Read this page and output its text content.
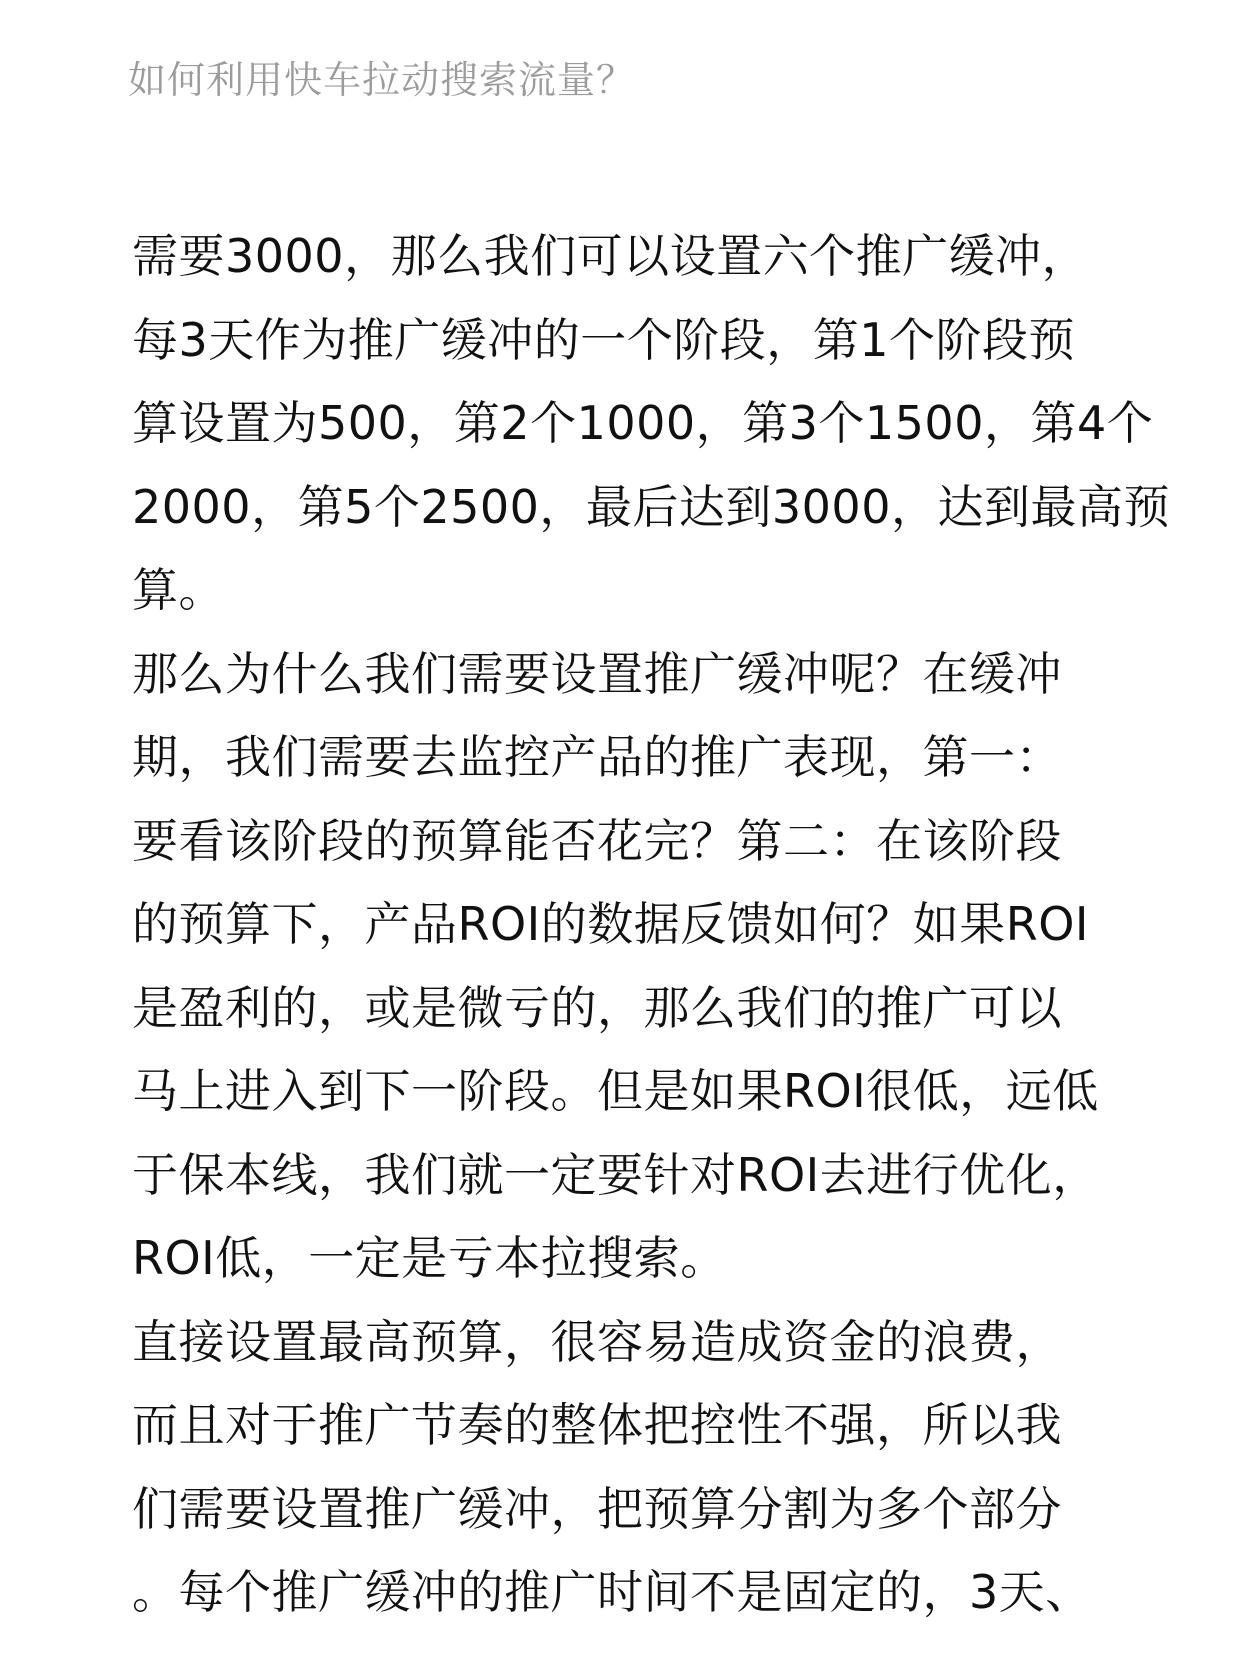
如何利用快车拉动搜索流量？
需要3000，那么我们可以设置六个推广缓冲，
每3天作为推广缓冲的一个阶段，第1个阶段预
算设置为500，第2个1000，第3个1500，第4个
2000，第5个2500，最后达到3000，达到最高预
算。
那么为什么我们需要设置推广缓冲呢？在缓冲
期，我们需要去监控产品的推广表现，第一：
要看该阶段的预算能否花完？第二：在该阶段
的预算下，产品ROI的数据反馈如何？如果ROI
是盈利的，或是微亏的，那么我们的推广可以
马上进入到下一阶段。但是如果ROI很低，远低
于保本线，我们就一定要针对ROI去进行优化，
ROI低，一定是亏本拉搜索。
直接设置最高预算，很容易造成资金的浪费，
而且对于推广节奏的整体把控性不强，所以我
们需要设置推广缓冲，把预算分割为多个部分
。每个推广缓冲的推广时间不是固定的，3天、
